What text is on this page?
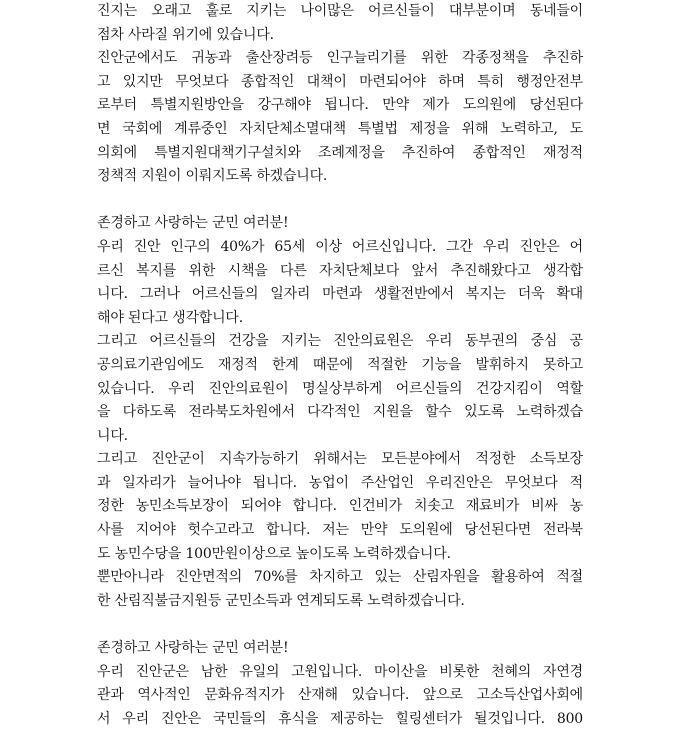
진지는 오래고 훌로 지키는 나이많은 어르신들이 대부분이며 동네들이
점차 사라질 위기에 있습니다.
진안군에서도 귀농과 출산장려등 인구늘리기를 위한 각종정책을 추진하
고 있지만 무엇보다 종합적인 대책이 마련되어야 하며 특히 행정안전부
로부터 특별지원방안을 강구해야 됩니다. 만약 제가 도의원에 당선된다
면 국회에 계류중인 자치단체소멸대책 특별법 제정을 위해 노력하고, 도
의회에 특별지원대책기구설치와 조례제정을 추진하여 종합적인 재정적
정책적 지원이 이뤄지도록 하겠습니다.
존경하고 사랑하는 군민 여러분!
우리 진안 인구의 40%가 65세 이상 어르신입니다. 그간 우리 진안은 어
르신 복지를 위한 시책을 다른 자치단체보다 앞서 추진해왔다고 생각합
니다. 그러나 어르신들의 일자리 마련과 생활전반에서 복지는 더욱 확대
해야 된다고 생각합니다.
그리고 어르신들의 건강을 지키는 진안의료원은 우리 동부권의 중심 공
공의료기관임에도 재정적 한계 때문에 적절한 기능을 발휘하지 못하고
있습니다. 우리 진안의료원이 명실상부하게 어르신들의 건강지킴이 역할
을 다하도록 전라북도차원에서 다각적인 지원을 할수 있도록 노력하겠습
니다.
그리고 진안군이 지속가능하기 위해서는 모든분야에서 적정한 소득보장
과 일자리가 늘어나야 됩니다. 농업이 주산업인 우리진안은 무엇보다 적
정한 농민소득보장이 되어야 합니다. 인건비가 치솟고 재료비가 비싸 농
사를 지어야 헛수고라고 합니다. 저는 만약 도의원에 당선된다면 전라북
도 농민수당을 100만원이상으로 높이도록 노력하겠습니다.
뿐만아니라 진안면적의 70%를 차지하고 있는 산림자원을 활용하여 적절
한 산림직불금지원등 군민소득과 연계되도록 노력하겠습니다.
존경하고 사랑하는 군민 여러분!
우리 진안군은 남한 유일의 고원입니다. 마이산을 비롯한 천혜의 자연경
관과 역사적인 문화유적지가 산재해 있습니다. 앞으로 고소득산업사회에
서 우리 진안은 국민들의 휴식을 제공하는 힐링센터가 될것입니다. 800
